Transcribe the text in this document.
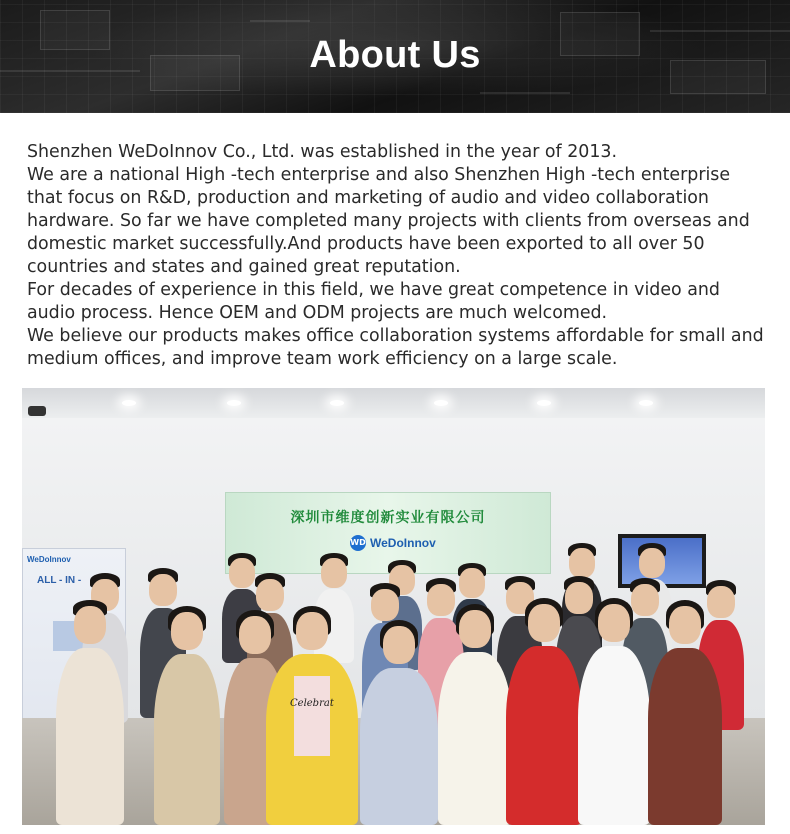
About Us

Shenzhen WeDoInnov Co., Ltd. was established in the year of 2013.

We are a national High -tech enterprise and also Shenzhen High -tech enterprise that focus on R&D, production and marketing of audio and video collaboration hardware. So far we have completed many projects with clients from overseas and domestic market successfully.And products have been exported to all over 50 countries and states and gained great reputation.

For decades of experience in this field, we have great competence in video and audio process. Hence OEM and ODM projects are much welcomed.

We believe our products makes office collaboration systems affordable for small and medium offices, and improve team work efficiency on a large scale.

深圳市维度创新实业有限公司
WD WeDoInnov
WeDoInnov
ALL - IN -
Celebrat
